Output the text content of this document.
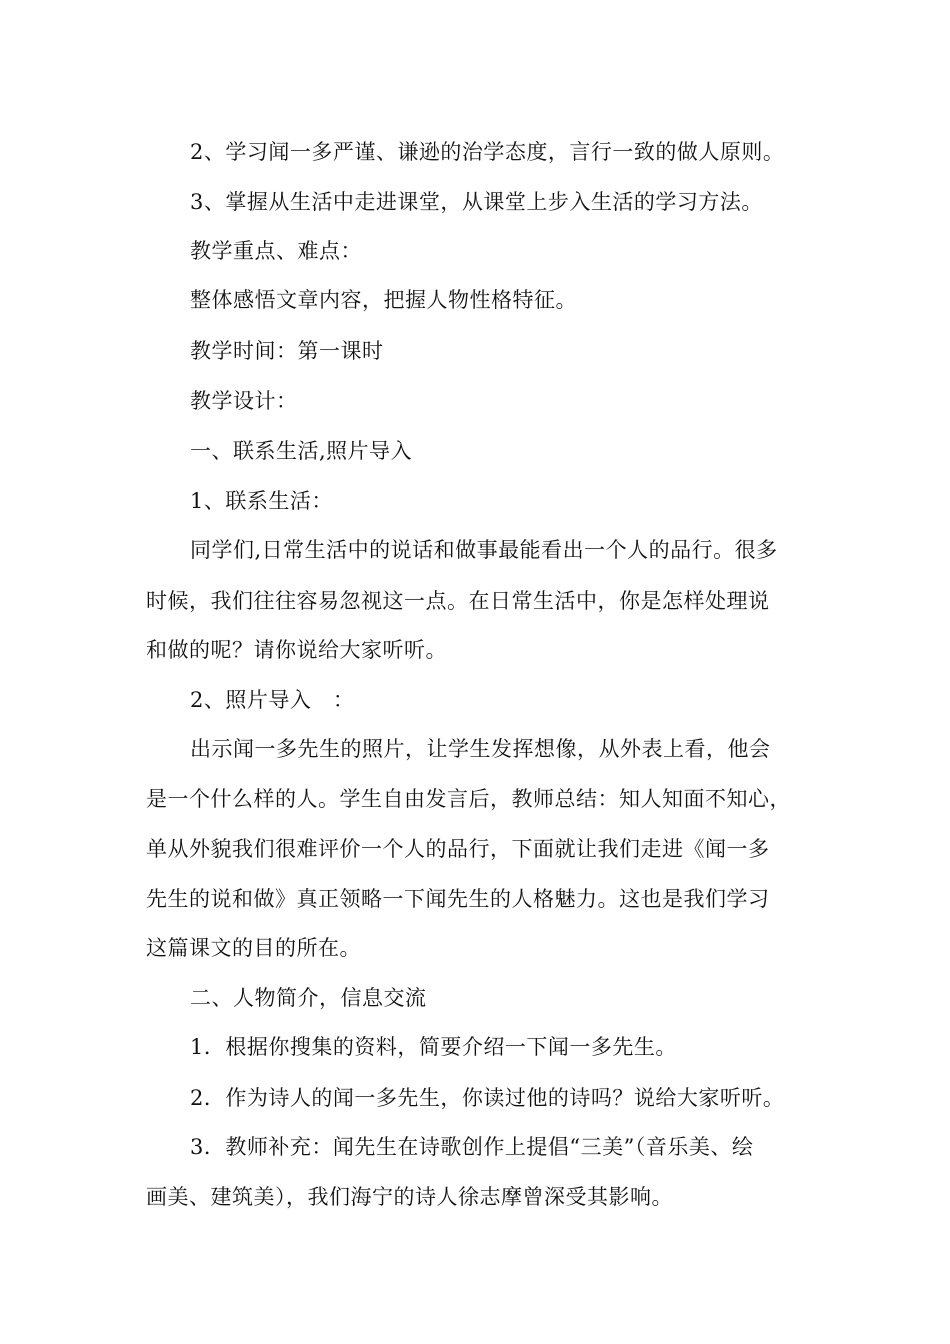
2、学习闻一多严谨、谦逊的治学态度，言行一致的做人原则。
3、掌握从生活中走进课堂，从课堂上步入生活的学习方法。
教学重点、难点：
整体感悟文章内容，把握人物性格特征。
教学时间：第一课时
教学设计：
一、联系生活,照片导入
1、联系生活：
同学们,日常生活中的说话和做事最能看出一个人的品行。很多
时候，我们往往容易忽视这一点。在日常生活中，你是怎样处理说
和做的呢？请你说给大家听听。
2、照片导入　：
出示闻一多先生的照片，让学生发挥想像，从外表上看，他会
是一个什么样的人。学生自由发言后，教师总结：知人知面不知心，
单从外貌我们很难评价一个人的品行，下面就让我们走进《闻一多
先生的说和做》真正领略一下闻先生的人格魅力。这也是我们学习
这篇课文的目的所在。
二、人物简介，信息交流
1．根据你搜集的资料，简要介绍一下闻一多先生。
2．作为诗人的闻一多先生，你读过他的诗吗？说给大家听听。
3．教师补充：闻先生在诗歌创作上提倡“三美”（音乐美、绘
画美、建筑美），我们海宁的诗人徐志摩曾深受其影响。
